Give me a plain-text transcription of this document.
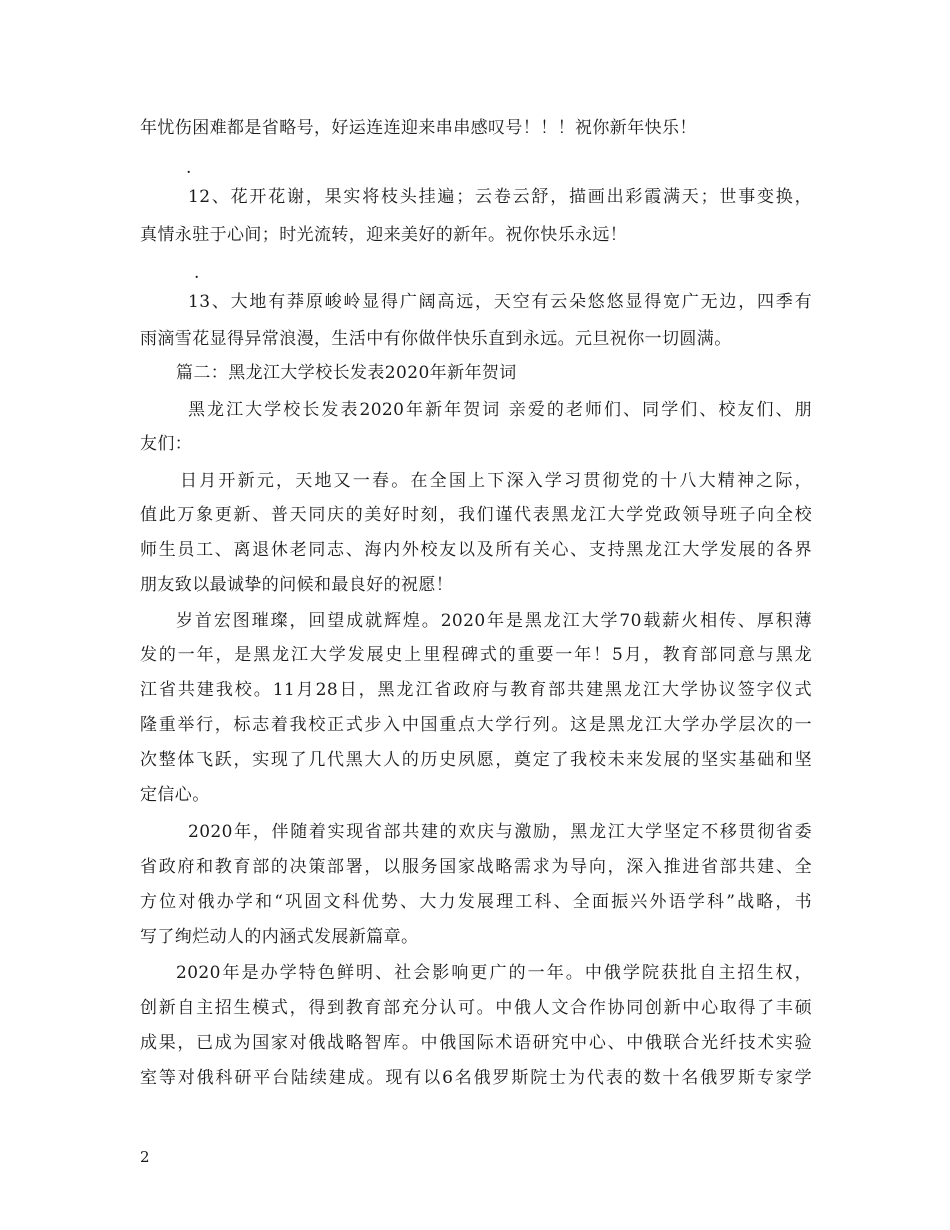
年忧伤困难都是省略号，好运连连迎来串串感叹号！！！祝你新年快乐！
.
12、花开花谢，果实将枝头挂遍；云卷云舒，描画出彩霞满天；世事变换，
真情永驻于心间；时光流转，迎来美好的新年。祝你快乐永远！
.
13、大地有莽原峻岭显得广阔高远，天空有云朵悠悠显得宽广无边，四季有
雨滴雪花显得异常浪漫，生活中有你做伴快乐直到永远。元旦祝你一切圆满。
篇二：黑龙江大学校长发表2020年新年贺词
黑龙江大学校长发表2020年新年贺词 亲爱的老师们、同学们、校友们、朋
友们：
日月开新元，天地又一春。在全国上下深入学习贯彻党的十八大精神之际，
值此万象更新、普天同庆的美好时刻，我们谨代表黑龙江大学党政领导班子向全校
师生员工、离退休老同志、海内外校友以及所有关心、支持黑龙江大学发展的各界
朋友致以最诚挚的问候和最良好的祝愿！
岁首宏图璀璨，回望成就辉煌。2020年是黑龙江大学70载薪火相传、厚积薄
发的一年，是黑龙江大学发展史上里程碑式的重要一年！5月，教育部同意与黑龙
江省共建我校。11月28日，黑龙江省政府与教育部共建黑龙江大学协议签字仪式
隆重举行，标志着我校正式步入中国重点大学行列。这是黑龙江大学办学层次的一
次整体飞跃，实现了几代黑大人的历史夙愿，奠定了我校未来发展的坚实基础和坚
定信心。
2020年，伴随着实现省部共建的欢庆与激励，黑龙江大学坚定不移贯彻省委
省政府和教育部的决策部署，以服务国家战略需求为导向，深入推进省部共建、全
方位对俄办学和“巩固文科优势、大力发展理工科、全面振兴外语学科”战略，书
写了绚烂动人的内涵式发展新篇章。
2020年是办学特色鲜明、社会影响更广的一年。中俄学院获批自主招生权，
创新自主招生模式，得到教育部充分认可。中俄人文合作协同创新中心取得了丰硕
成果，已成为国家对俄战略智库。中俄国际术语研究中心、中俄联合光纤技术实验
室等对俄科研平台陆续建成。现有以6名俄罗斯院士为代表的数十名俄罗斯专家学
2
